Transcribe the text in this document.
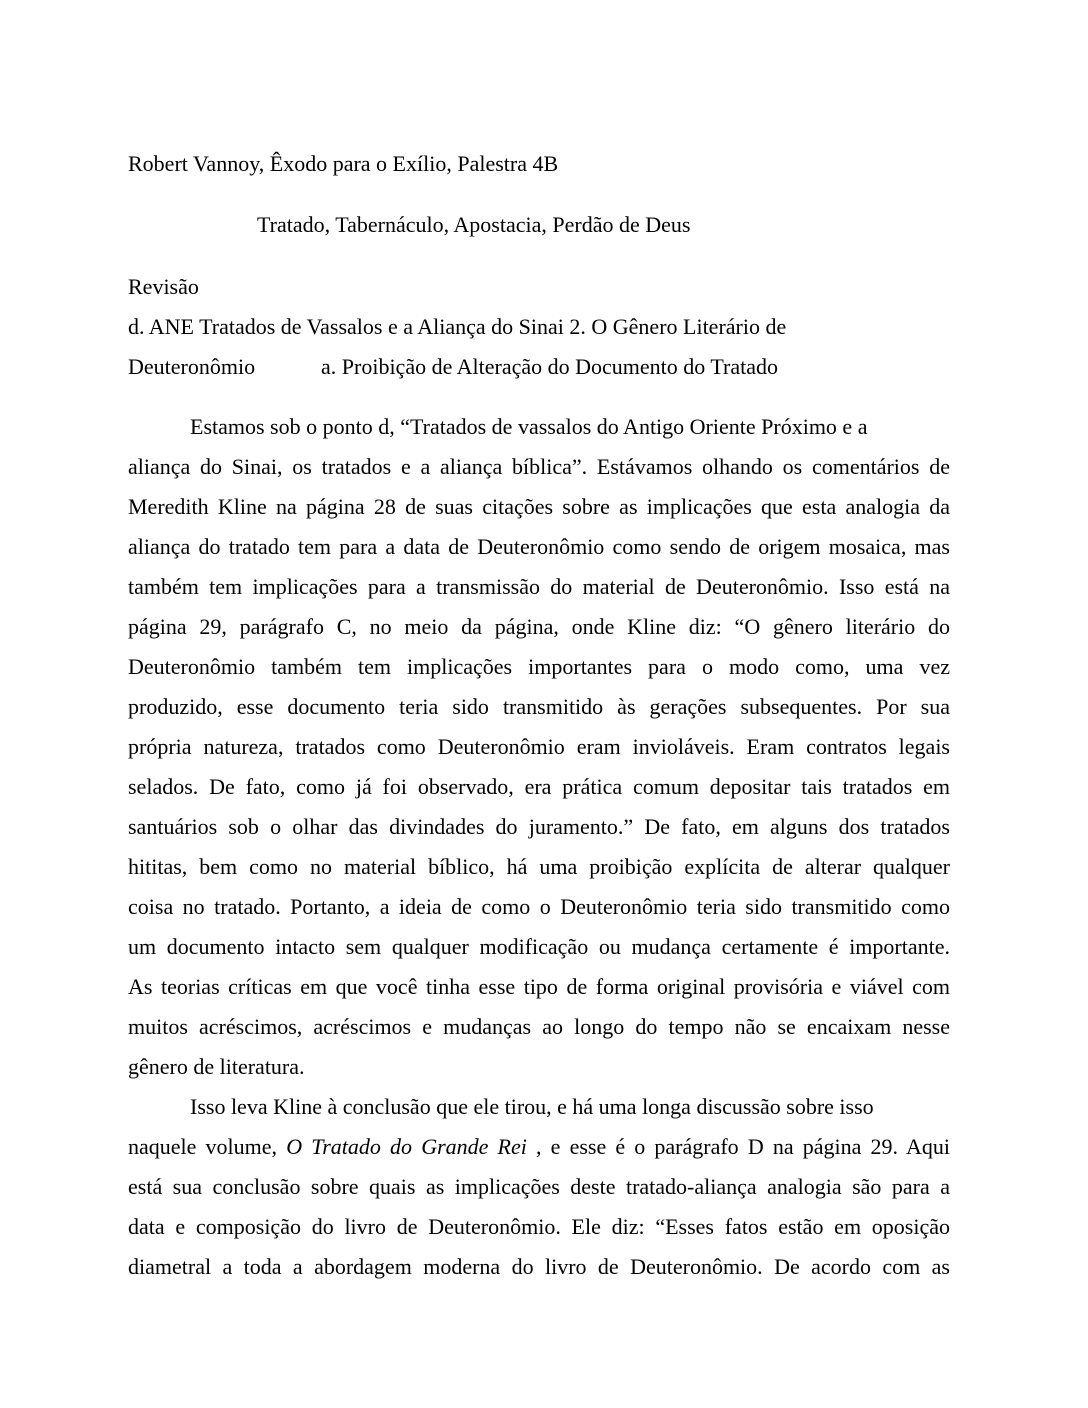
Robert Vannoy, Êxodo para o Exílio, Palestra 4B

Tratado, Tabernáculo, Apostacia, Perdão de Deus

Revisão

d. ANE Tratados de Vassalos e a Aliança do Sinai 2. O Gênero Literário de

Deuteronômio	a. Proibição de Alteração do Documento do Tratado

Estamos sob o ponto d, “Tratados de vassalos do Antigo Oriente Próximo e a

aliança do Sinai, os tratados e a aliança bíblica”. Estávamos olhando os comentários de

Meredith Kline na página 28 de suas citações sobre as implicações que esta analogia da

aliança do tratado tem para a data de Deuteronômio como sendo de origem mosaica, mas

também tem implicações para a transmissão do material de Deuteronômio. Isso está na

página 29, parágrafo C, no meio da página, onde Kline diz: “O gênero literário do

Deuteronômio também tem implicações importantes para o modo como, uma vez

produzido, esse documento teria sido transmitido às gerações subsequentes. Por sua

própria natureza, tratados como Deuteronômio eram invioláveis. Eram contratos legais

selados. De fato, como já foi observado, era prática comum depositar tais tratados em

santuários sob o olhar das divindades do juramento.” De fato, em alguns dos tratados

hititas, bem como no material bíblico, há uma proibição explícita de alterar qualquer

coisa no tratado. Portanto, a ideia de como o Deuteronômio teria sido transmitido como

um documento intacto sem qualquer modificação ou mudança certamente é importante.

As teorias críticas em que você tinha esse tipo de forma original provisória e viável com

muitos acréscimos, acréscimos e mudanças ao longo do tempo não se encaixam nesse

gênero de literatura.

Isso leva Kline à conclusão que ele tirou, e há uma longa discussão sobre isso

naquele volume, O Tratado do Grande Rei , e esse é o parágrafo D na página 29. Aqui

está sua conclusão sobre quais as implicações deste tratado-aliança analogia são para a

data e composição do livro de Deuteronômio. Ele diz: “Esses fatos estão em oposição

diametral a toda a abordagem moderna do livro de Deuteronômio. De acordo com as
